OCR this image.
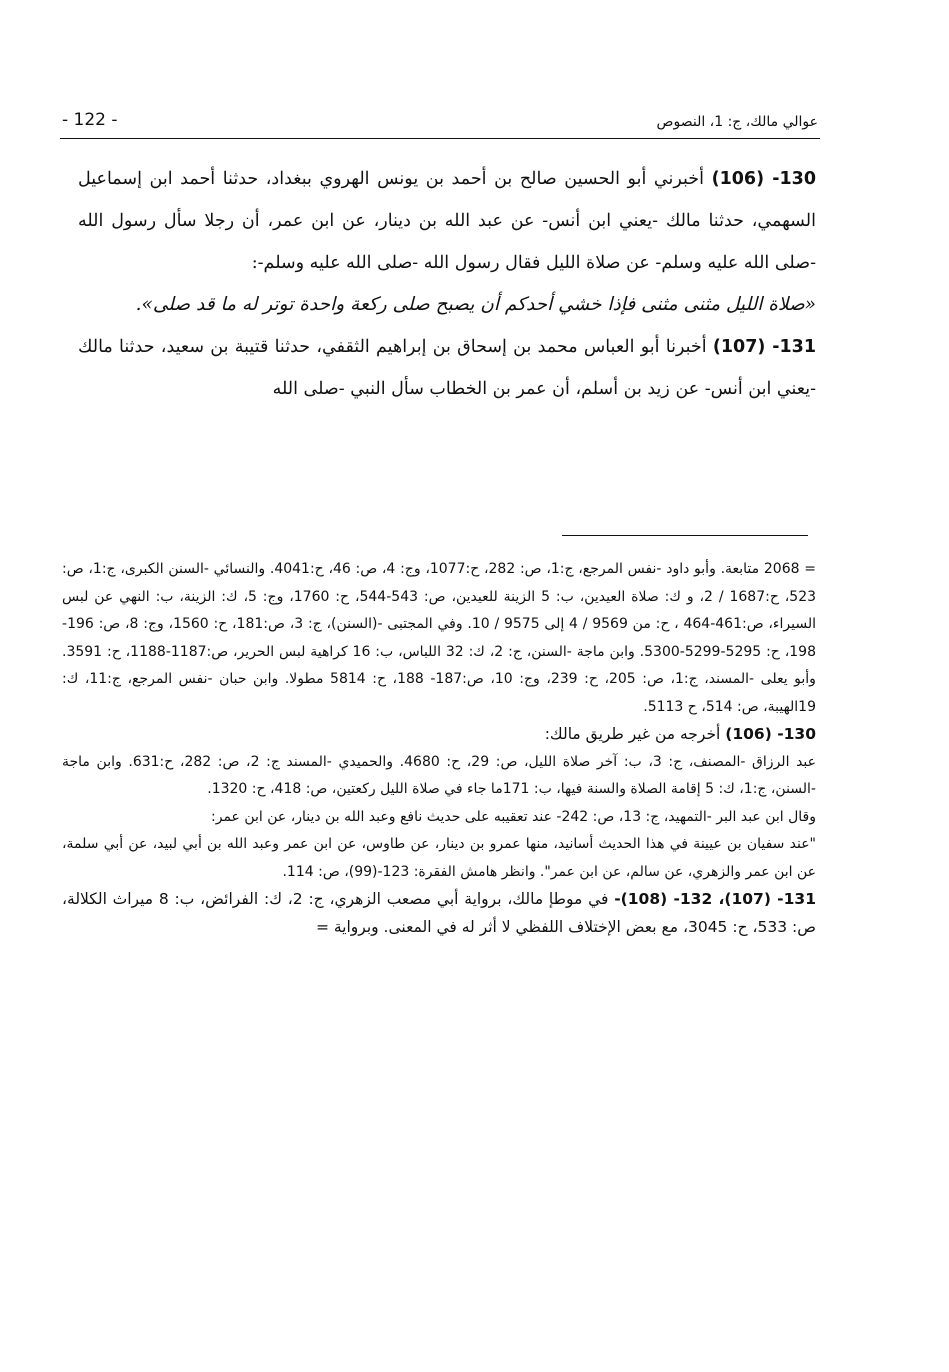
- 122 -	عوالي مالك، ج: 1، النصوص

130- (106) أخبرني أبو الحسين صالح بن أحمد بن يونس الهروي ببغداد، حدثنا أحمد ابن إسماعيل السهمي، حدثنا مالك -يعني ابن أنس- عن عبد الله بن دينار، عن ابن عمر، أن رجلا سأل رسول الله -صلى الله عليه وسلم- عن صلاة الليل فقال رسول الله -صلى الله عليه وسلم-:

«صلاة الليل مثنى مثنى فإذا خشي أحدكم أن يصبح صلى ركعة واحدة توتر له ما قد صلى».

131- (107) أخبرنا أبو العباس محمد بن إسحاق بن إبراهيم الثقفي، حدثنا قتيبة بن سعيد، حدثنا مالك -يعني ابن أنس- عن زيد بن أسلم، أن عمر بن الخطاب سأل النبي -صلى الله

= 2068 متابعة. وأبو داود -نفس المرجع، ج:1، ص: 282، ح:1077، وج: 4، ص: 46، ح:4041. والنسائي -السنن الكبرى، ج:1، ص: 523، ح:1687 / 2، و ك: صلاة العيدين، ب: 5 الزينة للعيدين، ص: 543-544، ح: 1760، وج: 5، ك: الزينة، ب: النهي عن لبس السيراء، ص:461-464 ، ح: من 9569 / 4 إلى 9575 / 10. وفي المجتبى -(السنن)، ج: 3، ص:181، ح: 1560، وج: 8، ص: 196-198، ح: 5295-5299-5300. وابن ماجة -السنن، ج: 2، ك: 32 اللباس، ب: 16 كراهية لبس الحرير، ص:1187-1188، ح: 3591. وأبو يعلى -المسند، ج:1، ص: 205، ح: 239، وج: 10، ص:187- 188، ح: 5814 مطولا. وابن حبان -نفس المرجع، ج:11، ك: 19الهيبة، ص: 514، ح 5113.

130- (106) أخرجه من غير طريق مالك:

عبد الرزاق -المصنف، ج: 3، ب: آخر صلاة الليل، ص: 29، ح: 4680. والحميدي -المسند ج: 2، ص: 282، ح:631. وابن ماجة -السنن، ج:1، ك: 5 إقامة الصلاة والسنة فيها، ب: 171ما جاء في صلاة الليل ركعتين، ص: 418، ح: 1320.

وقال ابن عبد البر -التمهيد، ج: 13، ص: 242- عند تعقيبه على حديث نافع وعبد الله بن دينار، عن ابن عمر:

"عند سفيان بن عيينة في هذا الحديث أسانيد، منها عمرو بن دينار، عن طاوس، عن ابن عمر وعبد الله بن أبي لبيد، عن أبي سلمة، عن ابن عمر والزهري، عن سالم، عن ابن عمر". وانظر هامش الفقرة: 123-(99)، ص: 114.

131- (107)، 132- (108)- في موطإ مالك، برواية أبي مصعب الزهري، ج: 2، ك: الفرائض، ب: 8 ميراث الكلالة، ص: 533، ح: 3045، مع بعض الإختلاف اللفظي لا أثر له في المعنى. وبرواية =
